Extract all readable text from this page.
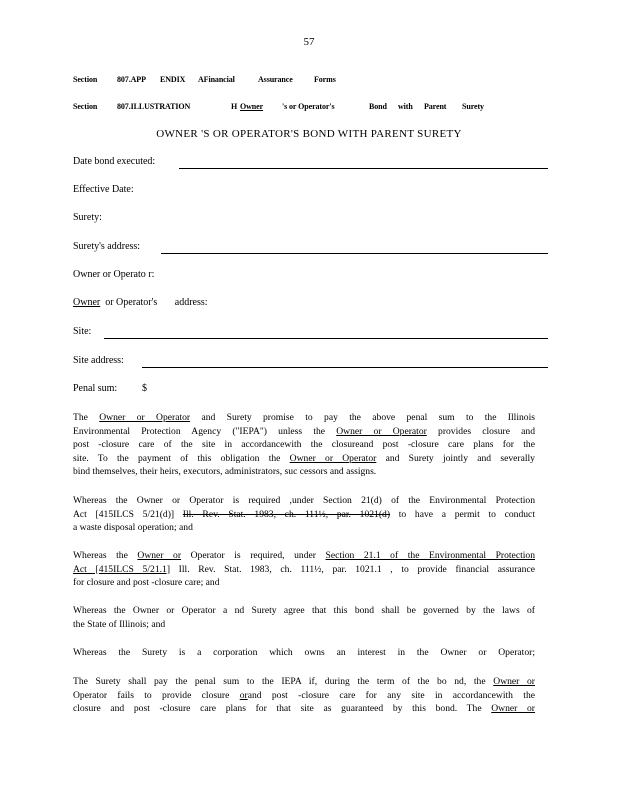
57
Section 807.APP ENDIX AFinancial	Assurance	Forms
Section 807.ILLUSTRATION	H Owner	's or Operator's	Bond with Parent Surety
OWNER 'S OR OPERATOR'S BOND WITH PARENT SURETY
Date bond executed:
Effective Date:
Surety:
Surety's address:
Owner or Operato r:
Owner  or Operator's       address:
Site:
Site address:
Penal sum: $
The Owner or Operator and Surety promise to pay the above penal sum to the Illinois
Environmental Protection Agency ("IEPA") unless the Owner or Operator provides closure and
post -closure care of the site in accordancewith the closureand post -closure care plans for the
site. To the payment of this obligation the Owner or Operator and Surety jointly and severally
bind themselves, their heirs, executors, administrators, suc cessors and assigns.
Whereas the Owner or Operator is required ,under Section 21(d) of the Environmental Protection
Act [415ILCS 5/21(d)] Ill. Rev. Stat. 1983, ch. 111½, par. 1021(d) to have a permit to conduct
a waste disposal operation; and
Whereas the Owner or Operator is required, under Section 21.1 of the Environmental Protection
Act [415ILCS 5/21.1] Ill. Rev. Stat. 1983, ch. 111½, par. 1021.1 , to provide financial assurance
for closure and post -closure care; and
Whereas the Owner or Operator a nd Surety agree that this bond shall be governed by the laws of
the State of Illinois; and
Whereas the Surety is a corporation which owns an interest in the Owner or Operator;
The Surety shall pay the penal sum to the IEPA if, during the term of the bo nd, the Owner or
Operator fails to provide closure orand post -closure care for any site in accordancewith the
closure and post -closure care plans for that site as guaranteed by this bond. The Owner or
